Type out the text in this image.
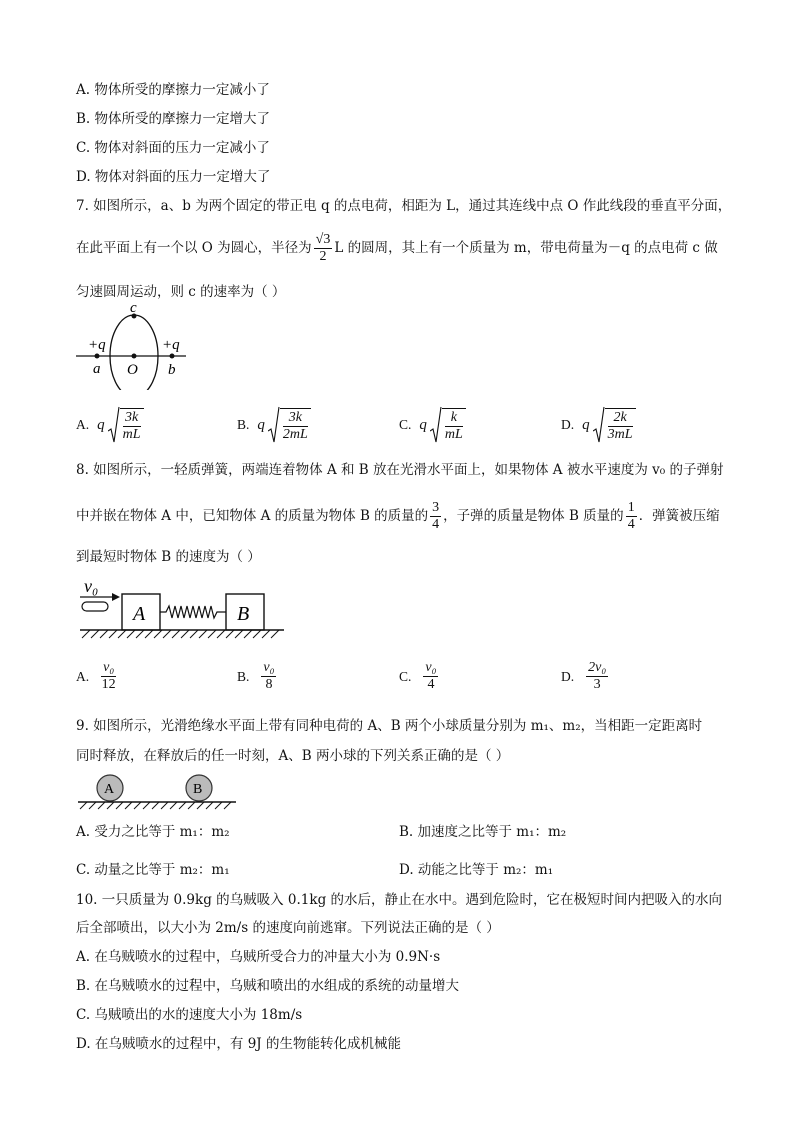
A. 物体所受的摩擦力一定减小了
B. 物体所受的摩擦力一定增大了
C. 物体对斜面的压力一定减小了
D. 物体对斜面的压力一定增大了
7. 如图所示，a、b 为两个固定的带正电 q 的点电荷，相距为 L，通过其连线中点 O 作此线段的垂直平分面，
在此平面上有一个以 O 为圆心，半径为 $\frac{√3}{2}$ L 的圆周，其上有一个质量为 m，带电荷量为－q 的点电荷 c 做
匀速圆周运动，则 c 的速率为（ ）
c
+q	+q
a O b
A. q $\frac{3k}{mL}$	B. q $\frac{3k}{2mL}$	C. q $\frac{k}{mL}$	D. q $\frac{2k}{3mL}$
8. 如图所示，一轻质弹簧，两端连着物体 A 和 B 放在光滑水平面上，如果物体 A 被水平速度为 v₀ 的子弹射
中并嵌在物体 A 中，已知物体 A 的质量为物体 B 的质量的 $\frac{3}{4}$ ，子弹的质量是物体 B 质量的 $\frac{1}{4}$ ．弹簧被压缩
到最短时物体 B 的速度为（ ）
v₀
A	B
A. $\frac{\text{v₀}}{12}$	B. $\frac{\text{v₀}}{8}$	C. $\frac{\text{v₀}}{4}$	D. $\frac{\text{2v₀}}{3}$
9. 如图所示，光滑绝缘水平面上带有同种电荷的 A、B 两个小球质量分别为 m₁、m₂，当相距一定距离时
同时释放，在释放后的任一时刻，A、B 两小球的下列关系正确的是（ ）
A	B
A. 受力之比等于 m₁：m₂	B. 加速度之比等于 m₁：m₂
C. 动量之比等于 m₂：m₁	D. 动能之比等于 m₂：m₁
10. 一只质量为 0.9kg 的乌贼吸入 0.1kg 的水后，静止在水中。遇到危险时，它在极短时间内把吸入的水向
后全部喷出，以大小为 2m/s 的速度向前逃窜。下列说法正确的是（ ）
A. 在乌贼喷水的过程中，乌贼所受合力的冲量大小为 0.9N·s
B. 在乌贼喷水的过程中，乌贼和喷出的水组成的系统的动量增大
C. 乌贼喷出的水的速度大小为 18m/s
D. 在乌贼喷水的过程中，有 9J 的生物能转化成机械能
